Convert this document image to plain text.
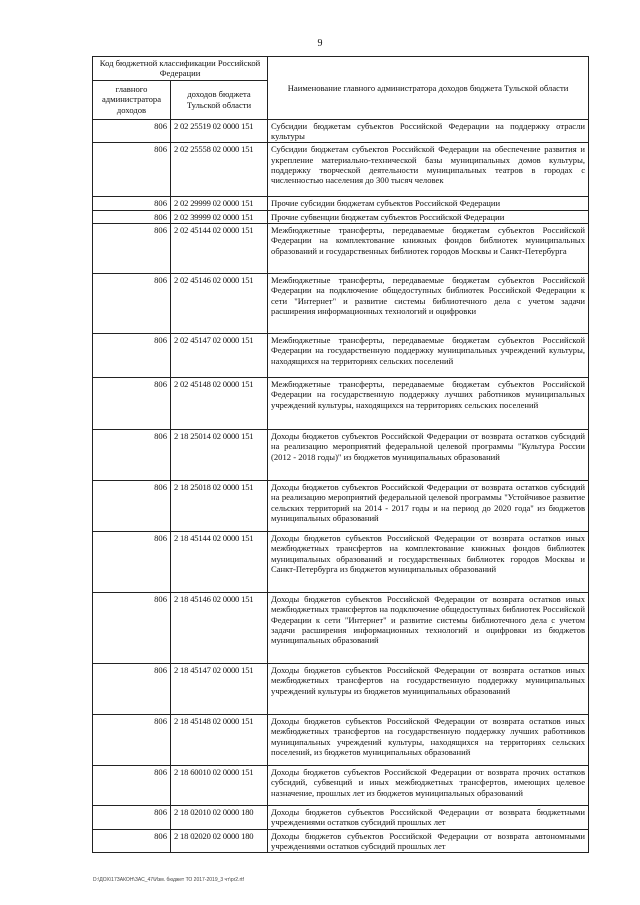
9
Код бюджетной классификации Российской Федерации		Наименование главного администратора доходов бюджета Тульской области
главного администратора доходов	доходов бюджета Тульской области	
806	2 02 25519 02 0000 151	Субсидии бюджетам субъектов Российской Федерации на поддержку отрасли культуры
806	2 02 25558 02 0000 151	Субсидии бюджетам субъектов Российской Федерации на обеспечение развития и укрепление материально-технической базы муниципальных домов культуры, поддержку творческой деятельности муниципальных театров в городах с численностью населения до 300 тысяч человек
806	2 02 29999 02 0000 151	Прочие субсидии бюджетам субъектов Российской Федерации
806	2 02 39999 02 0000 151	Прочие субвенции бюджетам субъектов Российской Федерации
806	2 02 45144 02 0000 151	Межбюджетные трансферты, передаваемые бюджетам субъектов Российской Федерации на комплектование книжных фондов библиотек муниципальных образований и государственных библиотек городов Москвы и Санкт-Петербурга
806	2 02 45146 02 0000 151	Межбюджетные трансферты, передаваемые бюджетам субъектов Российской Федерации на подключение общедоступных библиотек Российской Федерации к сети "Интернет" и развитие системы библиотечного дела с учетом задачи расширения информационных технологий и оцифровки
806	2 02 45147 02 0000 151	Межбюджетные трансферты, передаваемые бюджетам субъектов Российской Федерации на государственную поддержку муниципальных учреждений культуры, находящихся на территориях сельских поселений
806	2 02 45148 02 0000 151	Межбюджетные трансферты, передаваемые бюджетам субъектов Российской Федерации на государственную поддержку лучших работников муниципальных учреждений культуры, находящихся на территориях сельских поселений
806	2 18 25014 02 0000 151	Доходы бюджетов субъектов Российской Федерации от возврата остатков субсидий на реализацию мероприятий федеральной целевой программы "Культура России (2012 - 2018 годы)" из бюджетов муниципальных образований
806	2 18 25018 02 0000 151	Доходы бюджетов субъектов Российской Федерации от возврата остатков субсидий на реализацию мероприятий федеральной целевой программы "Устойчивое развитие сельских территорий на 2014 - 2017 годы и на период до 2020 года" из бюджетов муниципальных образований
806	2 18 45144 02 0000 151	Доходы бюджетов субъектов Российской Федерации от возврата остатков иных межбюджетных трансфертов на комплектование книжных фондов библиотек муниципальных образований и государственных библиотек городов Москвы и Санкт-Петербурга из бюджетов муниципальных образований
806	2 18 45146 02 0000 151	Доходы бюджетов субъектов Российской Федерации от возврата остатков иных межбюджетных трансфертов на подключение общедоступных библиотек Российской Федерации к сети "Интернет" и развитие системы библиотечного дела с учетом задачи расширения информационных технологий и оцифровки из бюджетов муниципальных образований
806	2 18 45147 02 0000 151	Доходы бюджетов субъектов Российской Федерации от возврата остатков иных межбюджетных трансфертов на государственную поддержку муниципальных учреждений культуры из бюджетов муниципальных образований
806	2 18 45148 02 0000 151	Доходы бюджетов субъектов Российской Федерации от возврата остатков иных межбюджетных трансфертов на государственную поддержку лучших работников муниципальных учреждений культуры, находящихся на территориях сельских поселений, из бюджетов муниципальных образований
806	2 18 60010 02 0000 151	Доходы бюджетов субъектов Российской Федерации от возврата прочих остатков субсидий, субвенций и иных межбюджетных трансфертов, имеющих целевое назначение, прошлых лет из бюджетов муниципальных образований
806	2 18 02010 02 0000 180	Доходы бюджетов субъектов Российской Федерации от возврата бюджетными учреждениями остатков субсидий прошлых лет
806	2 18 02020 02 0000 180	Доходы бюджетов субъектов Российской Федерации от возврата автономными учреждениями остатков субсидий прошлых лет
D:\ДОХ\17ЗАКОН\ЗАС_47\Изм. бюджет ТО 2017-2019_3 чт\pr2.rtf
